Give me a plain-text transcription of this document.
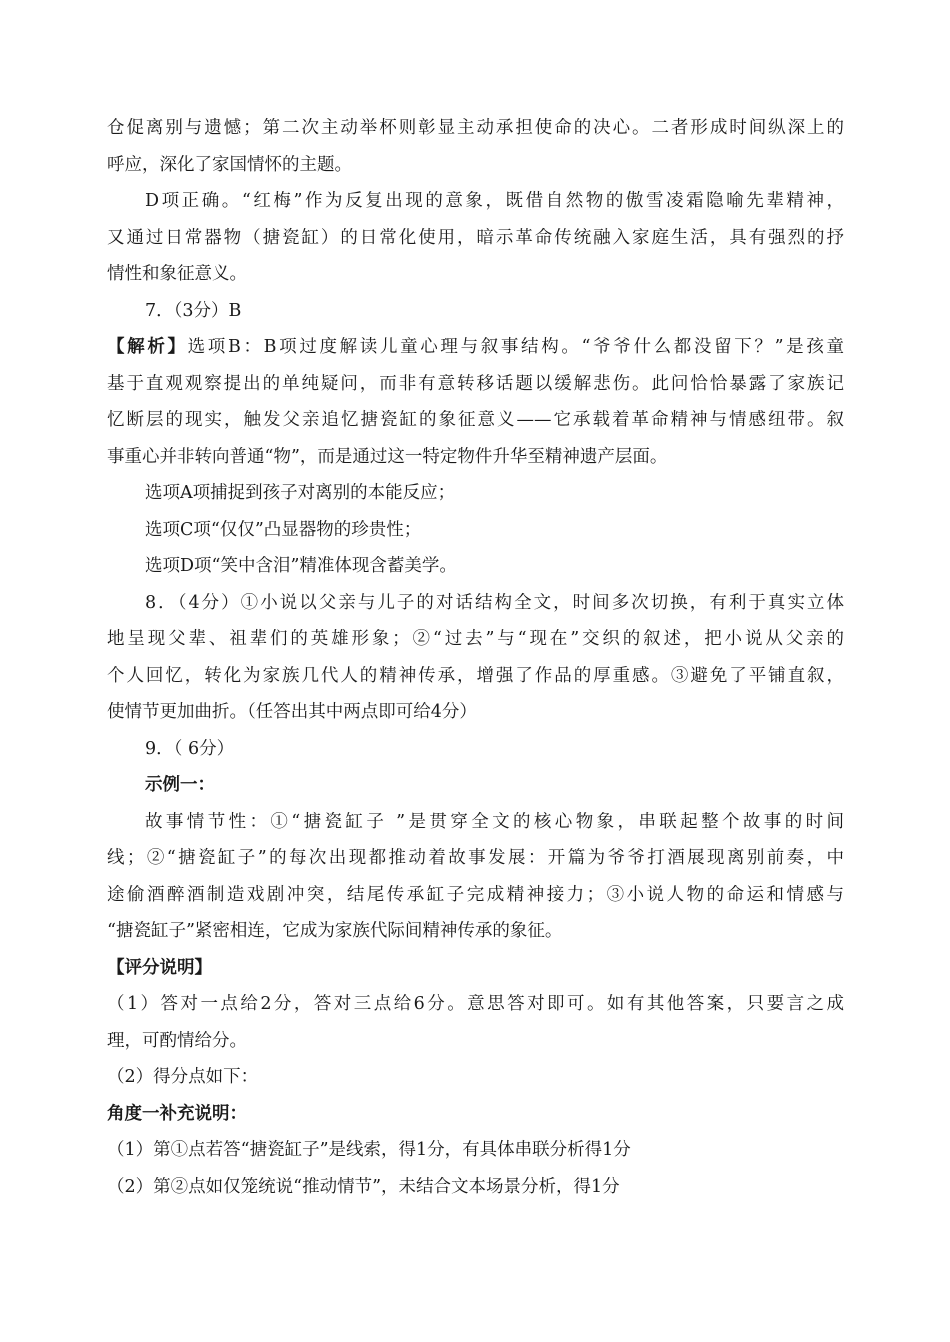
仓促离别与遗憾；第二次主动举杯则彰显主动承担使命的决心。二者形成时间纵深上的
呼应，深化了家国情怀的主题。
D项正确。“红梅”作为反复出现的意象，既借自然物的傲雪凌霜隐喻先辈精神，
又通过日常器物（搪瓷缸）的日常化使用，暗示革命传统融入家庭生活，具有强烈的抒
情性和象征意义。
7．（3分）B
【解析】选项B：B项过度解读儿童心理与叙事结构。“爷爷什么都没留下？”是孩童
基于直观观察提出的单纯疑问，而非有意转移话题以缓解悲伤。此问恰恰暴露了家族记
忆断层的现实，触发父亲追忆搪瓷缸的象征意义——它承载着革命精神与情感纽带。叙
事重心并非转向普通“物”，而是通过这一特定物件升华至精神遗产层面。
选项A项捕捉到孩子对离别的本能反应；
选项C项“仅仅”凸显器物的珍贵性；
选项D项“笑中含泪”精准体现含蓄美学。
8．（4分）①小说以父亲与儿子的对话结构全文，时间多次切换，有利于真实立体
地呈现父辈、祖辈们的英雄形象；②“过去”与“现在”交织的叙述，把小说从父亲的
个人回忆，转化为家族几代人的精神传承，增强了作品的厚重感。③避免了平铺直叙，
使情节更加曲折。（任答出其中两点即可给4分）
9．（ 6分）
示例一：
故事情节性：①“搪瓷缸子 ”是贯穿全文的核心物象，串联起整个故事的时间
线；②“搪瓷缸子”的每次出现都推动着故事发展：开篇为爷爷打酒展现离别前奏，中
途偷酒醉酒制造戏剧冲突，结尾传承缸子完成精神接力；③小说人物的命运和情感与
“搪瓷缸子”紧密相连，它成为家族代际间精神传承的象征。
【评分说明】
（1）答对一点给2分，答对三点给6分。意思答对即可。如有其他答案，只要言之成
理，可酌情给分。
（2）得分点如下：
角度一补充说明：
（1）第①点若答“搪瓷缸子”是线索，得1分，有具体串联分析得1分
（2）第②点如仅笼统说“推动情节”，未结合文本场景分析，得1分
